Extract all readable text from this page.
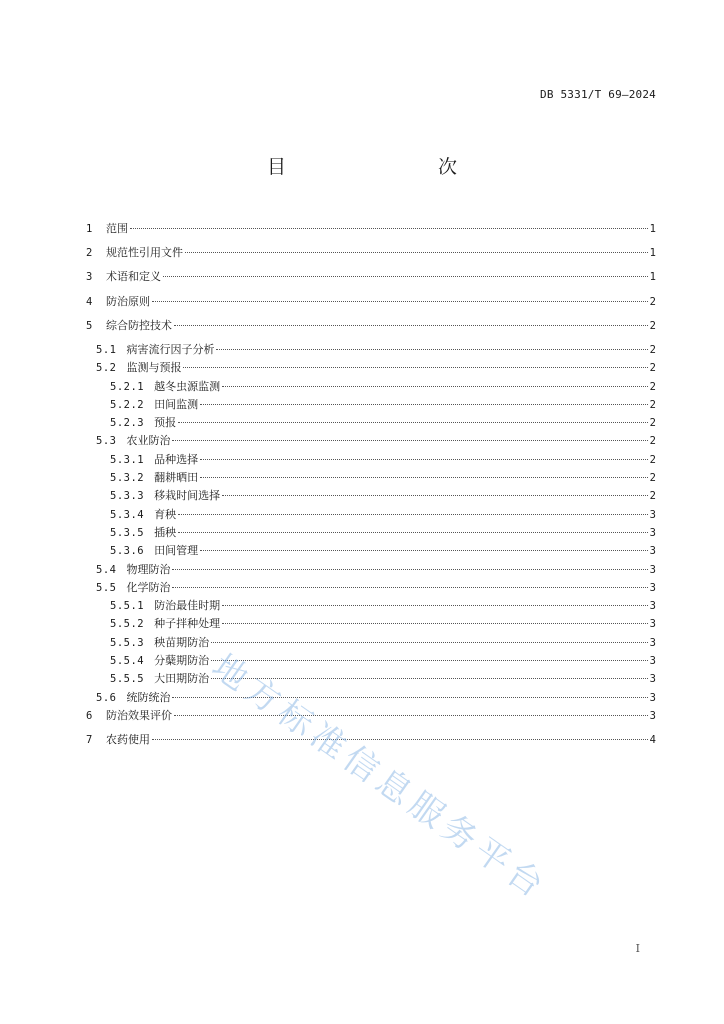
DB 5331/T 69—2024
目　　次
1 范围	1
2 规范性引用文件	1
3 术语和定义	1
4 防治原则	2
5 综合防控技术	2
5.1 病害流行因子分析	2
5.2 监测与预报	2
5.2.1 越冬虫源监测	2
5.2.2 田间监测	2
5.2.3 预报	2
5.3 农业防治	2
5.3.1 品种选择	2
5.3.2 翻耕晒田	2
5.3.3 移栽时间选择	2
5.3.4 育秧	3
5.3.5 插秧	3
5.3.6 田间管理	3
5.4 物理防治	3
5.5 化学防治	3
5.5.1 防治最佳时期	3
5.5.2 种子拌种处理	3
5.5.3 秧苗期防治	3
5.5.4 分蘖期防治	3
5.5.5 大田期防治	3
5.6 统防统治	3
6 防治效果评价	3
7 农药使用	4
I
地方标准信息服务平台
